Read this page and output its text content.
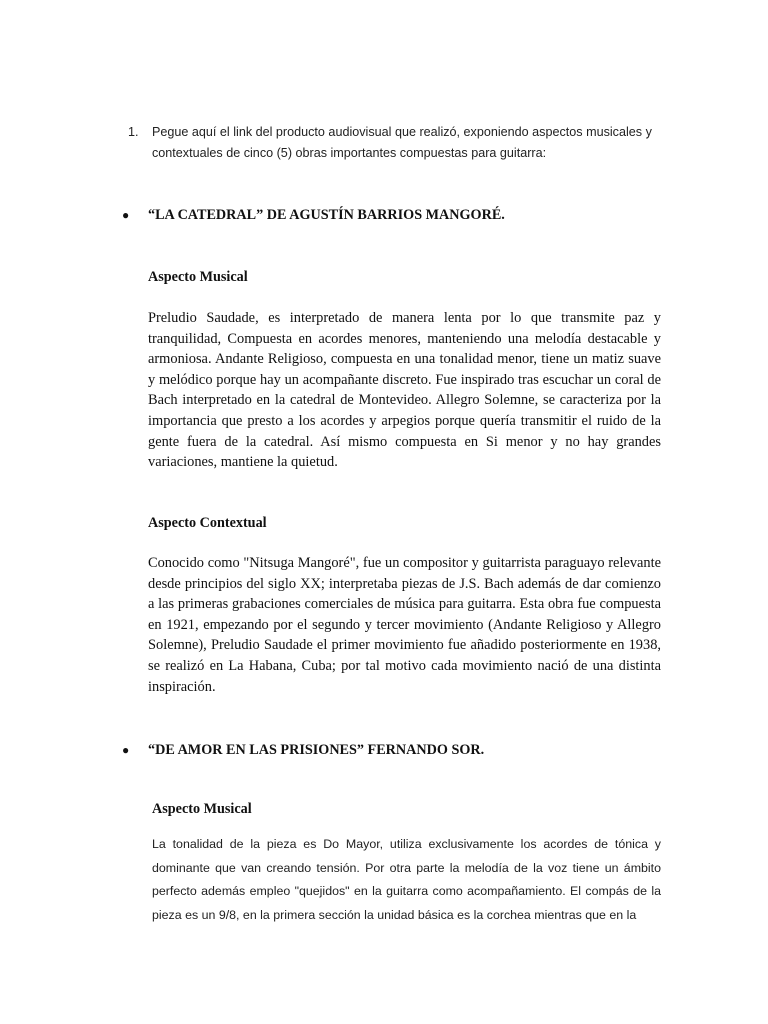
1. Pegue aquí el link del producto audiovisual que realizó, exponiendo aspectos musicales y contextuales de cinco (5) obras importantes compuestas para guitarra:
● “LA CATEDRAL” DE AGUSTÍN BARRIOS MANGORÉ.
Aspecto Musical
Preludio Saudade, es interpretado de manera lenta por lo que transmite paz y tranquilidad, Compuesta en acordes menores, manteniendo una melodía destacable y armoniosa. Andante Religioso, compuesta en una tonalidad menor, tiene un matiz suave y melódico porque hay un acompañante discreto. Fue inspirado tras escuchar un coral de Bach interpretado en la catedral de Montevideo. Allegro Solemne, se caracteriza por la importancia que presto a los acordes y arpegios porque quería transmitir el ruido de la gente fuera de la catedral. Así mismo compuesta en Si menor y no hay grandes variaciones, mantiene la quietud.
Aspecto Contextual
Conocido como "Nitsuga Mangoré", fue un compositor y guitarrista paraguayo relevante desde principios del siglo XX; interpretaba piezas de J.S. Bach además de dar comienzo a las primeras grabaciones comerciales de música para guitarra. Esta obra fue compuesta en 1921, empezando por el segundo y tercer movimiento (Andante Religioso y Allegro Solemne), Preludio Saudade el primer movimiento fue añadido posteriormente en 1938, se realizó en La Habana, Cuba; por tal motivo cada movimiento nació de una distinta inspiración.
● “DE AMOR EN LAS PRISIONES” FERNANDO SOR.
Aspecto Musical
La tonalidad de la pieza es Do Mayor, utiliza exclusivamente los acordes de tónica y dominante que van creando tensión. Por otra parte la melodía de la voz tiene un ámbito perfecto además empleo "quejidos" en la guitarra como acompañamiento. El compás de la pieza es un 9/8, en la primera sección la unidad básica es la corchea mientras que en la
